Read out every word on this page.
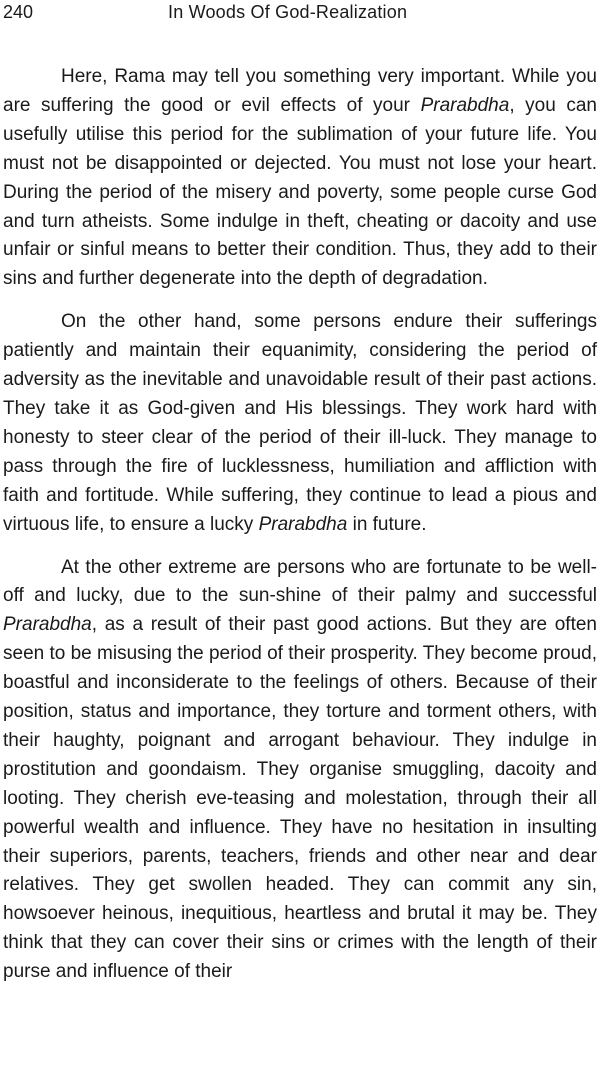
240	In Woods Of God-Realization

Here, Rama may tell you something very important. While you are suffering the good or evil effects of your Prarabdha, you can usefully utilise this period for the sublimation of your future life. You must not be disappointed or dejected. You must not lose your heart. During the period of the misery and poverty, some people curse God and turn atheists. Some indulge in theft, cheating or dacoity and use unfair or sinful means to better their condition. Thus, they add to their sins and further degenerate into the depth of degradation.

On the other hand, some persons endure their sufferings patiently and maintain their equanimity, considering the period of adversity as the inevitable and unavoidable result of their past actions. They take it as God-given and His blessings. They work hard with honesty to steer clear of the period of their ill-luck. They manage to pass through the fire of lucklessness, humiliation and affliction with faith and fortitude. While suffering, they continue to lead a pious and virtuous life, to ensure a lucky Prarabdha in future.

At the other extreme are persons who are fortunate to be well-off and lucky, due to the sun-shine of their palmy and successful Prarabdha, as a result of their past good actions. But they are often seen to be misusing the period of their prosperity. They become proud, boastful and inconsiderate to the feelings of others. Because of their position, status and importance, they torture and torment others, with their haughty, poignant and arrogant behaviour. They indulge in prostitution and goondaism. They organise smuggling, dacoity and looting. They cherish eve-teasing and molestation, through their all powerful wealth and influence. They have no hesitation in insulting their superiors, parents, teachers, friends and other near and dear relatives. They get swollen headed. They can commit any sin, howsoever heinous, inequitious, heartless and brutal it may be. They think that they can cover their sins or crimes with the length of their purse and influence of their
